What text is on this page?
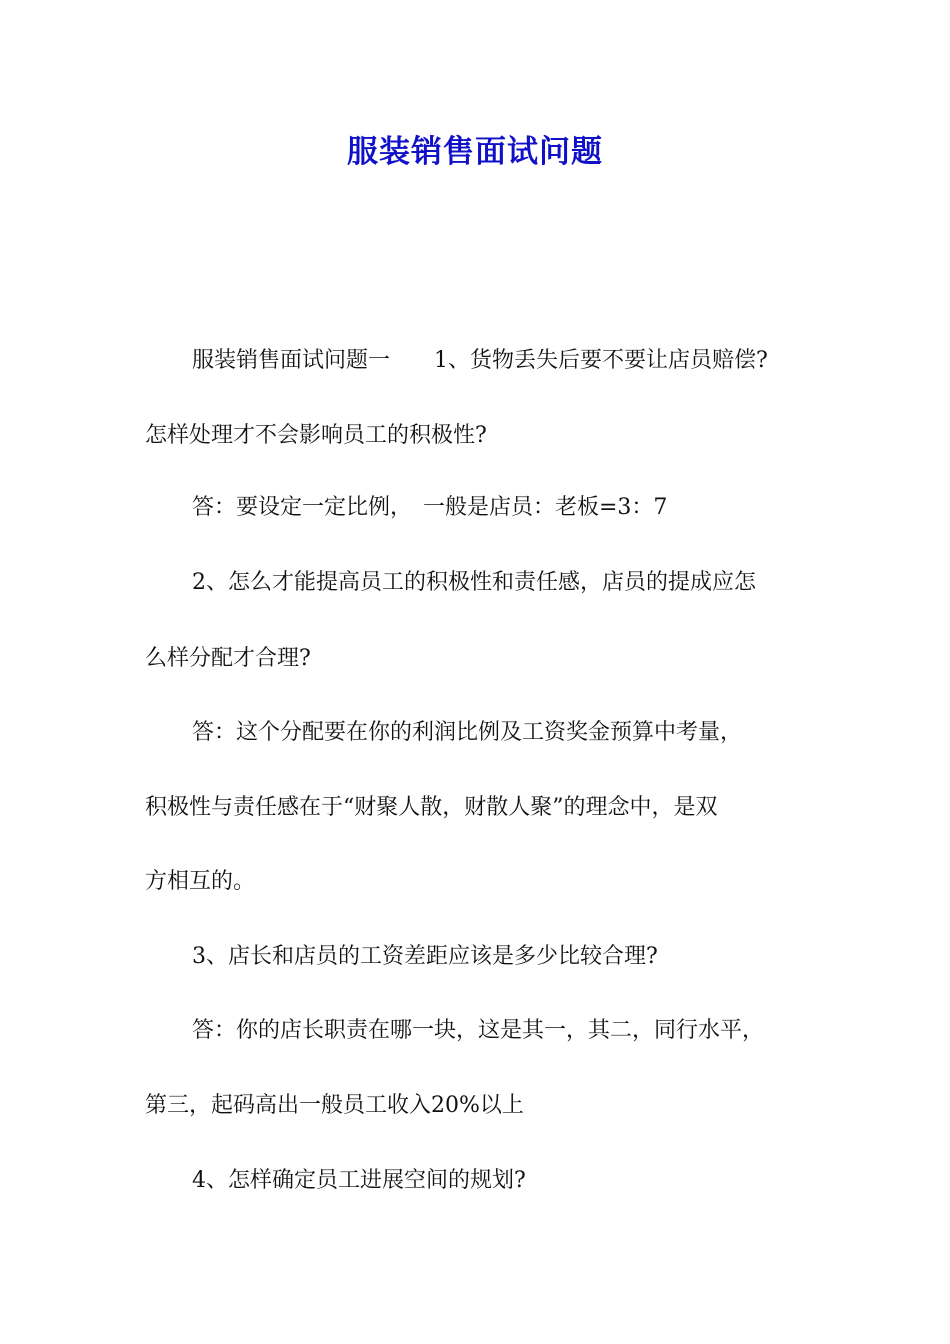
服装销售面试问题
服装销售面试问题一　　1、货物丢失后要不要让店员赔偿?
怎样处理才不会影响员工的积极性?
答：要设定一定比例，　一般是店员：老板=3：7
2、怎么才能提高员工的积极性和责任感，店员的提成应怎
么样分配才合理?
答：这个分配要在你的利润比例及工资奖金预算中考量，
积极性与责任感在于“财聚人散，财散人聚”的理念中，是双
方相互的。
3、店长和店员的工资差距应该是多少比较合理?
答：你的店长职责在哪一块，这是其一，其二，同行水平，
第三，起码高出一般员工收入20%以上
4、怎样确定员工进展空间的规划?
